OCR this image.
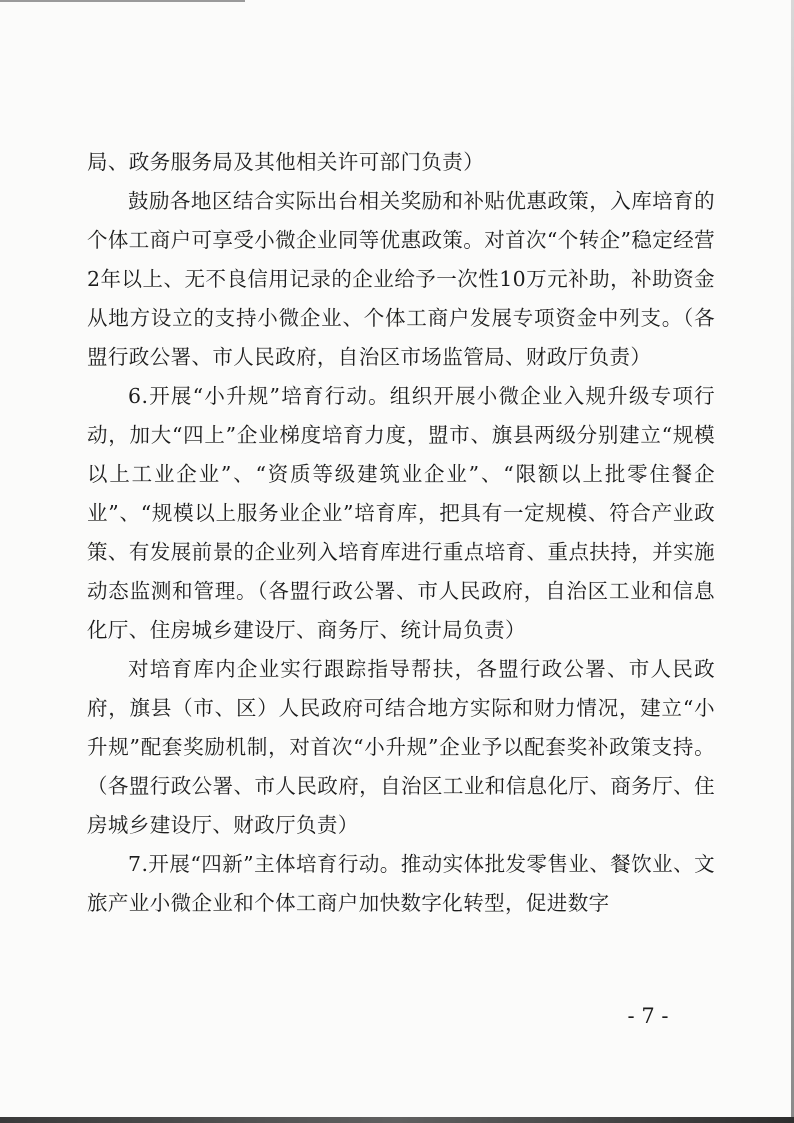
局、政务服务局及其他相关许可部门负责）

鼓励各地区结合实际出台相关奖励和补贴优惠政策，入库培育的个体工商户可享受小微企业同等优惠政策。对首次“个转企”稳定经营2年以上、无不良信用记录的企业给予一次性10万元补助，补助资金从地方设立的支持小微企业、个体工商户发展专项资金中列支。（各盟行政公署、市人民政府，自治区市场监管局、财政厅负责）

6.开展“小升规”培育行动。组织开展小微企业入规升级专项行动，加大“四上”企业梯度培育力度，盟市、旗县两级分别建立“规模以上工业企业”、“资质等级建筑业企业”、“限额以上批零住餐企业”、“规模以上服务业企业”培育库，把具有一定规模、符合产业政策、有发展前景的企业列入培育库进行重点培育、重点扶持，并实施动态监测和管理。（各盟行政公署、市人民政府，自治区工业和信息化厅、住房城乡建设厅、商务厅、统计局负责）

对培育库内企业实行跟踪指导帮扶，各盟行政公署、市人民政府，旗县（市、区）人民政府可结合地方实际和财力情况，建立“小升规”配套奖励机制，对首次“小升规”企业予以配套奖补政策支持。（各盟行政公署、市人民政府，自治区工业和信息化厅、商务厅、住房城乡建设厅、财政厅负责）

7.开展“四新”主体培育行动。推动实体批发零售业、餐饮业、文旅产业小微企业和个体工商户加快数字化转型，促进数字

- 7 -
